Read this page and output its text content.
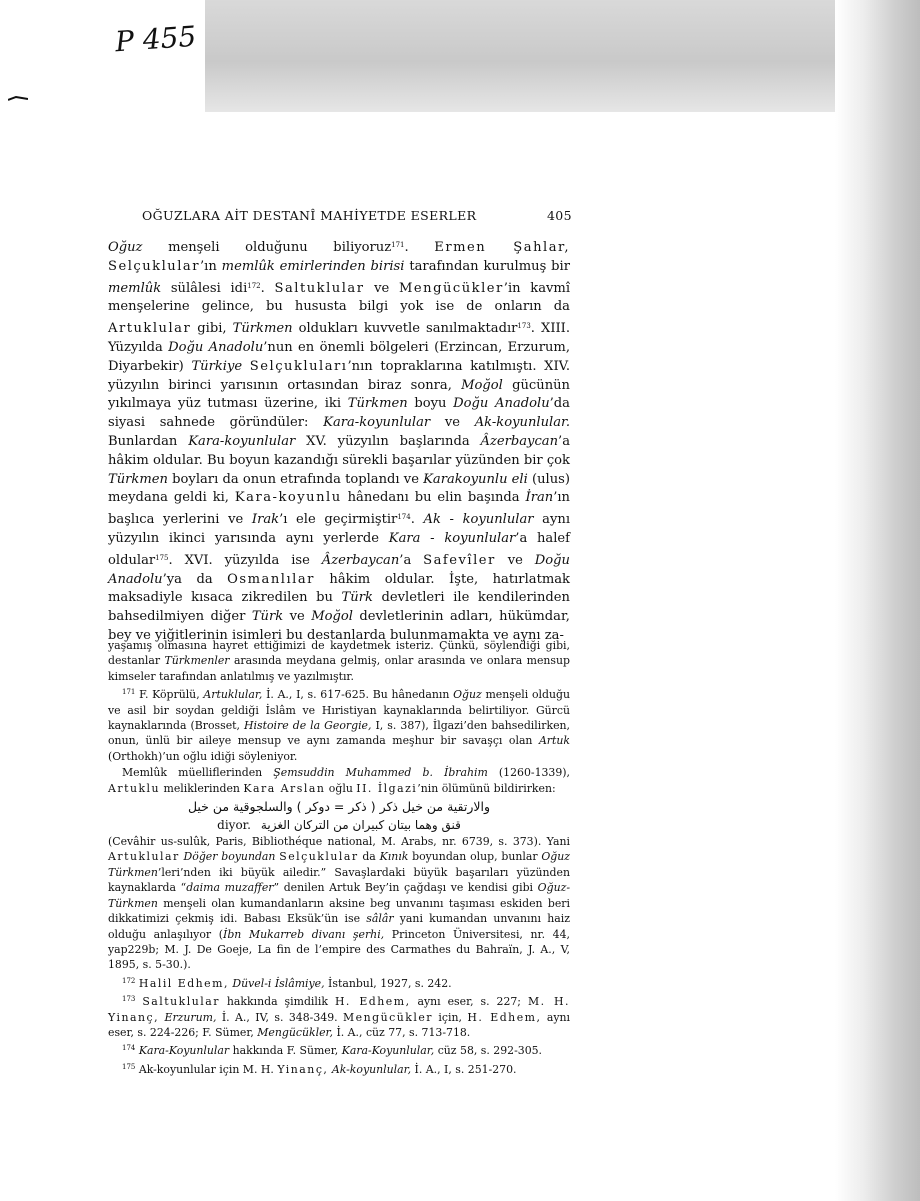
P 455
OĞUZLARA AİT DESTANÎ MAHİYETDE ESERLER	405

Oğuz menşeli olduğunu biliyoruz$^{171}$. Ermen Şahlar, Selçuklular’ın memlûk emirlerinden birisi tarafından kurulmuş bir memlûk sülâlesi idi$^{172}$. Saltuklular ve Mengücükler’in kavmî menşelerine gelince, bu hususta bilgi yok ise de onların da Artuklular gibi, Türkmen oldukları kuvvetle sanılmaktadır$^{173}$. XIII. Yüzyılda Doğu Anadolu’nun en önemli bölgeleri (Erzincan, Erzurum, Diyarbekir) Türkiye Selçukluları’nın topraklarına katılmıştı. XIV. yüzyılın birinci yarısının ortasından biraz sonra, Moğol gücünün yıkılmaya yüz tutması üzerine, iki Türkmen boyu Doğu Anadolu’da siyasi sahnede göründüler: Kara-koyunlular ve Ak-koyunlular. Bunlardan Kara-koyunlular XV. yüzyılın başlarında Âzerbaycan’a hâkim oldular. Bu boyun kazandığı sürekli başarılar yüzünden bir çok Türkmen boyları da onun etrafında toplandı ve Karakoyunlu eli (ulus) meydana geldi ki, Kara-koyunlu hânedanı bu elin başında İran’ın başlıca yerlerini ve Irak’ı ele geçirmiştir$^{174}$. Ak - koyunlular aynı yüzyılın ikinci yarısında aynı yerlerde Kara - koyunlular’a halef oldular$^{175}$. XVI. yüzyılda ise Âzerbaycan’a Safevîler ve Doğu Anadolu’ya da Osmanlılar hâkim oldular. İşte, hatırlatmak maksadiyle kısaca zikredilen bu Türk devletleri ile kendilerinden bahsedilmiyen diğer Türk ve Moğol devletlerinin adları, hükümdar, bey ve yiğitlerinin isimleri bu destanlarda bulunmamakta ve aynı za-

yaşamış olmasına hayret ettiğimizi de kaydetmek isteriz. Çünkü, söylendiği gibi, destanlar Türkmenler arasında meydana gelmiş, onlar arasında ve onlara mensup kimseler tarafından anlatılmış ve yazılmıştır.

$^{171}$ F. Köprülü, Artuklular, İ. A., I, s. 617-625. Bu hânedanın Oğuz menşeli olduğu ve asil bir soydan geldiği İslâm ve Hıristiyan kaynaklarında belirtiliyor. Gürcü kaynaklarında (Brosset, Histoire de la Georgie, I, s. 387), İlgazi’den bahsedilirken, onun, ünlü bir aileye mensup ve aynı zamanda meşhur bir savaşçı olan Artuk (Orthokh)’un oğlu idiği söyleniyor.

Memlûk müelliflerinden Şemsuddin Muhammed b. İbrahim (1260-1339), Artuklu meliklerinden Kara Arslan oğlu II. İlgazi’nin ölümünü bildirirken:

والارتقية من خيل ذكر ( ذكر = دوكر ) والسلجوقية من خيل
diyor. قنق وهما بيتان كبيران من التركان الغزية

(Cevâhir us-sulûk, Paris, Bibliothéque national, M. Arabs, nr. 6739, s. 373). Yani Artuklular Döğer boyundan Selçuklular da Kınık boyundan olup, bunlar Oğuz Türkmen’leri’nden iki büyük ailedir.” Savaşlardaki büyük başarıları yüzünden kaynaklarda “daima muzaffer” denilen Artuk Bey’in çağdaşı ve kendisi gibi Oğuz-Türkmen menşeli olan kumandanların aksine beg unvanını taşıması eskiden beri dikkatimizi çekmiş idi. Babası Eksük’ün ise sâlâr yani kumandan unvanını haiz olduğu anlaşılıyor (İbn Mukarreb divanı şerhi, Princeton Üniversitesi, nr. 44, yap229b; M. J. De Goeje, La fin de l’empire des Carmathes du Bahraïn, J. A., V, 1895, s. 5-30.).

$^{172}$ Halil Edhem, Düvel-i İslâmiye, İstanbul, 1927, s. 242.

$^{173}$ Saltuklular hakkında şimdilik H. Edhem, aynı eser, s. 227; M. H. Yinanç, Erzurum, İ. A., IV, s. 348-349. Mengücükler için, H. Edhem, aynı eser, s. 224-226; F. Sümer, Mengücükler, İ. A., cüz 77, s. 713-718.

$^{174}$ Kara-Koyunlular hakkında F. Sümer, Kara-Koyunlular, cüz 58, s. 292-305.

$^{175}$ Ak-koyunlular için M. H. Yinanç, Ak-koyunlular, İ. A., I, s. 251-270.
